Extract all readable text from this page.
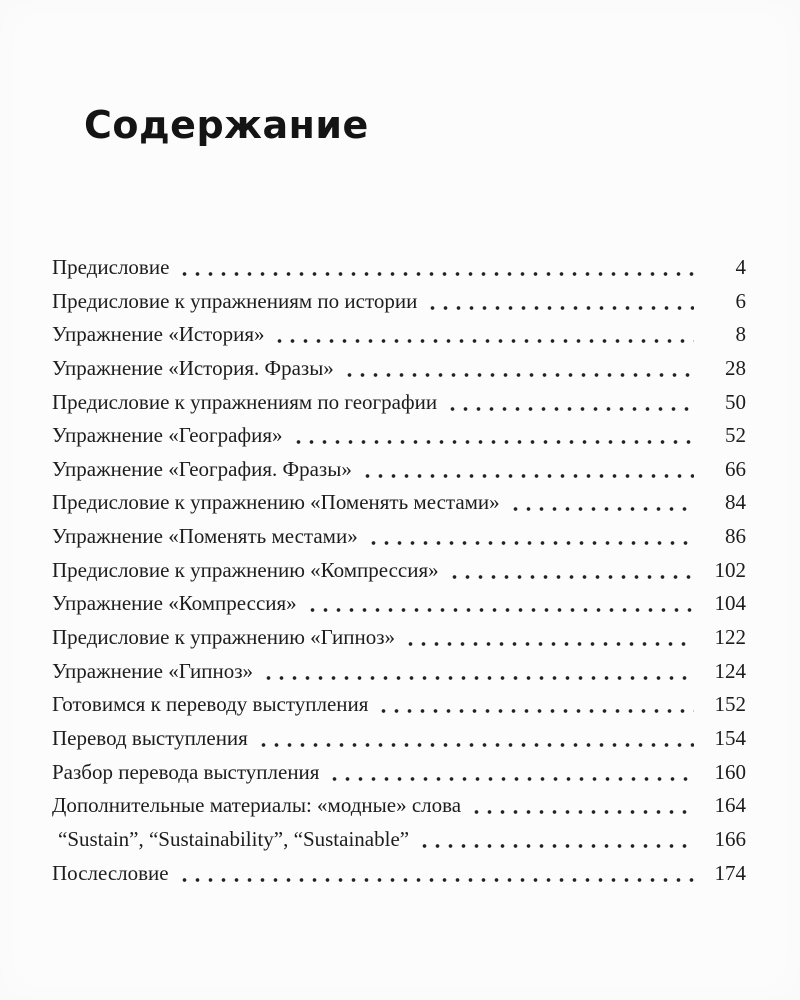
Содержание
Предисловие	4
Предисловие к упражнениям по истории	6
Упражнение «История»	8
Упражнение «История. Фразы»	28
Предисловие к упражнениям по географии	50
Упражнение «География»	52
Упражнение «География. Фразы»	66
Предисловие к упражнению «Поменять местами»	84
Упражнение «Поменять местами»	86
Предисловие к упражнению «Компрессия»	102
Упражнение «Компрессия»	104
Предисловие к упражнению «Гипноз»	122
Упражнение «Гипноз»	124
Готовимся к переводу выступления	152
Перевод выступления	154
Разбор перевода выступления	160
Дополнительные материалы: «модные» слова	164
“Sustain”, “Sustainability”, “Sustainable”	166
Послесловие	174
